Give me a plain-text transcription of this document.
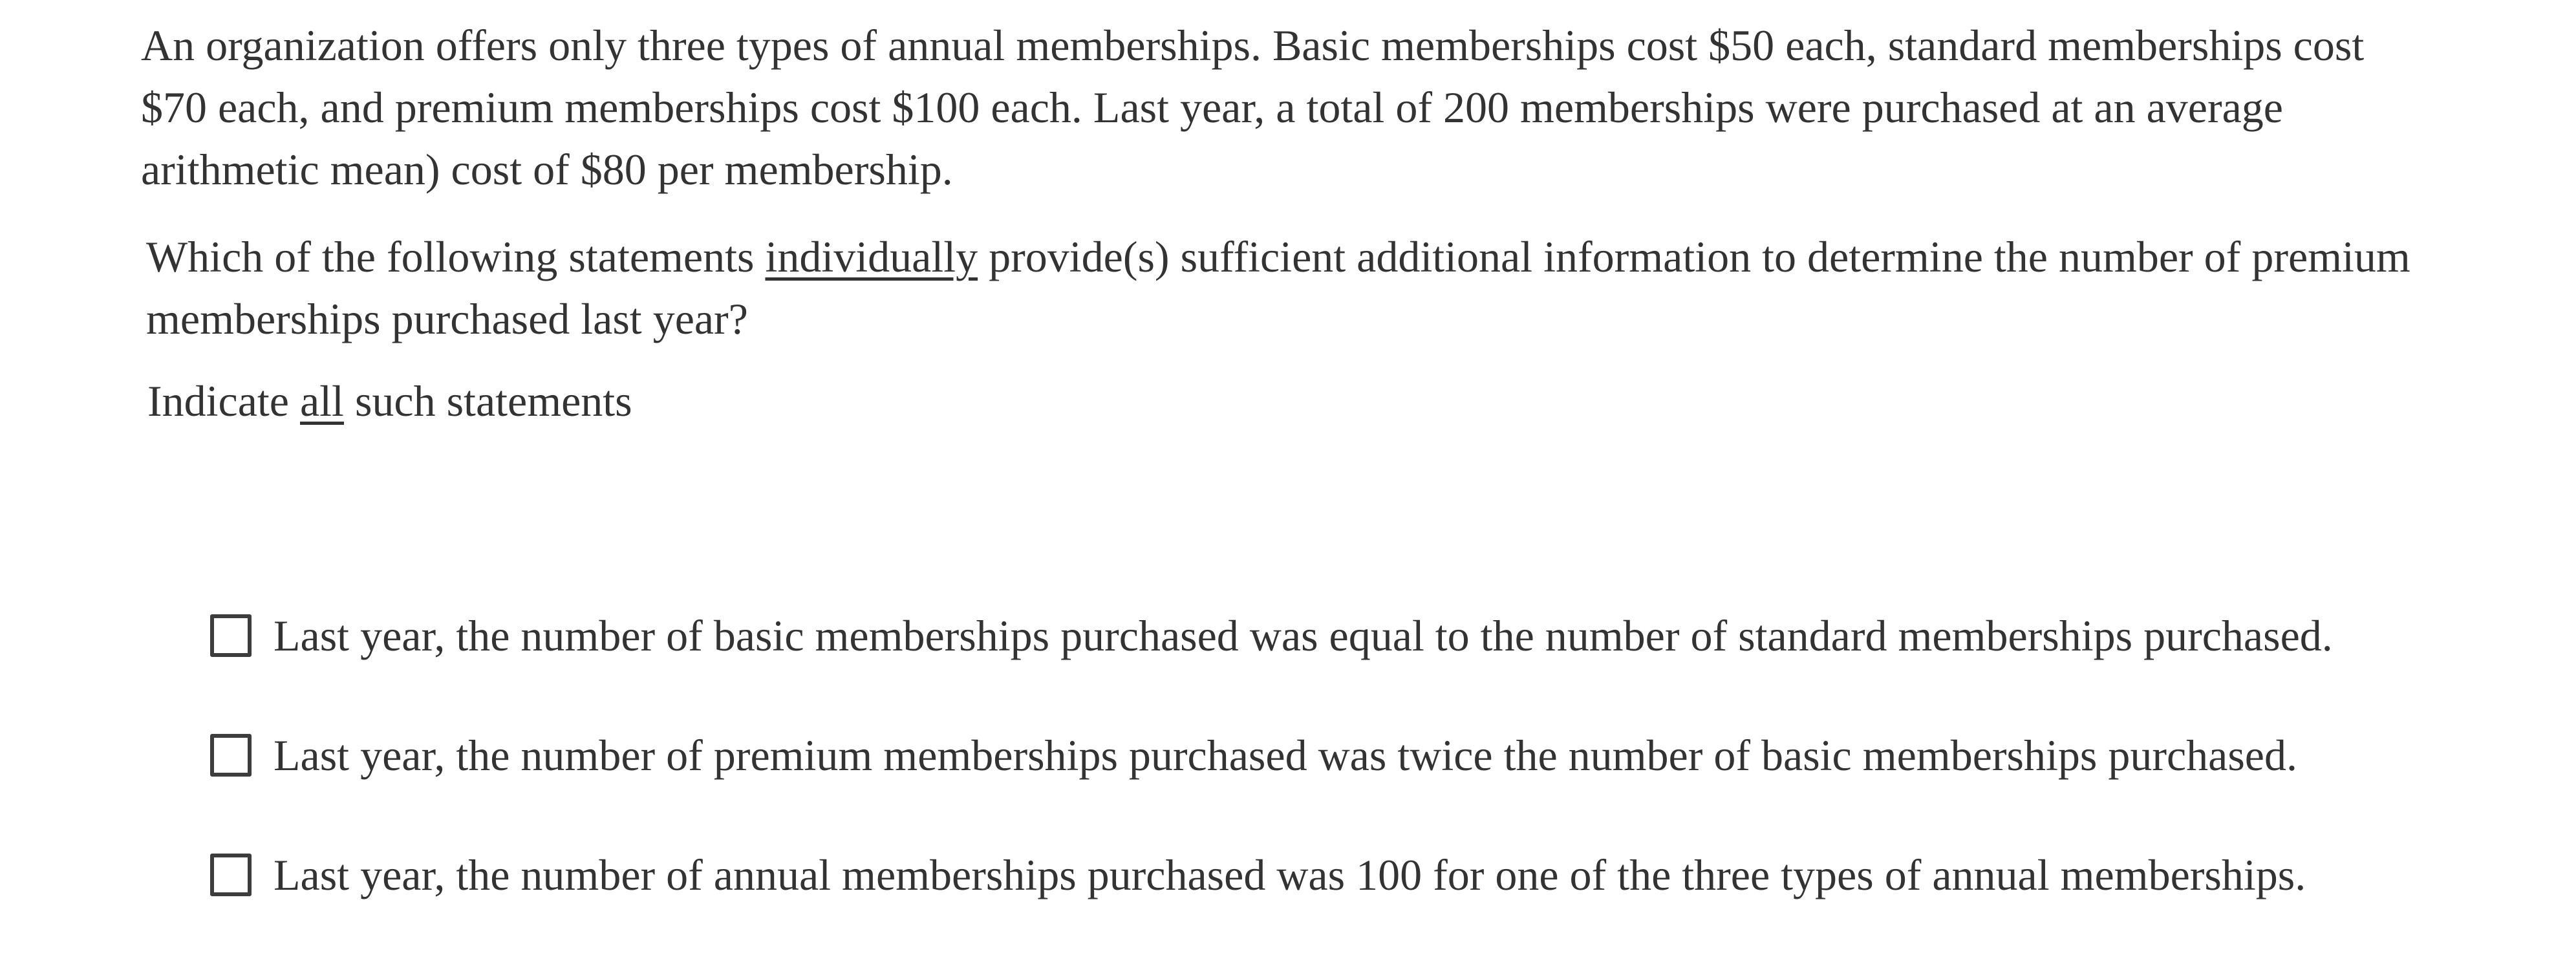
An organization offers only three types of annual memberships. Basic memberships cost $50 each, standard memberships cost
$70 each, and premium memberships cost $100 each. Last year, a total of 200 memberships were purchased at an average
arithmetic mean) cost of $80 per membership.
Which of the following statements individually provide(s) sufficient additional information to determine the number of premium
memberships purchased last year?
Indicate all such statements
Last year, the number of basic memberships purchased was equal to the number of standard memberships purchased.
Last year, the number of premium memberships purchased was twice the number of basic memberships purchased.
Last year, the number of annual memberships purchased was 100 for one of the three types of annual memberships.
